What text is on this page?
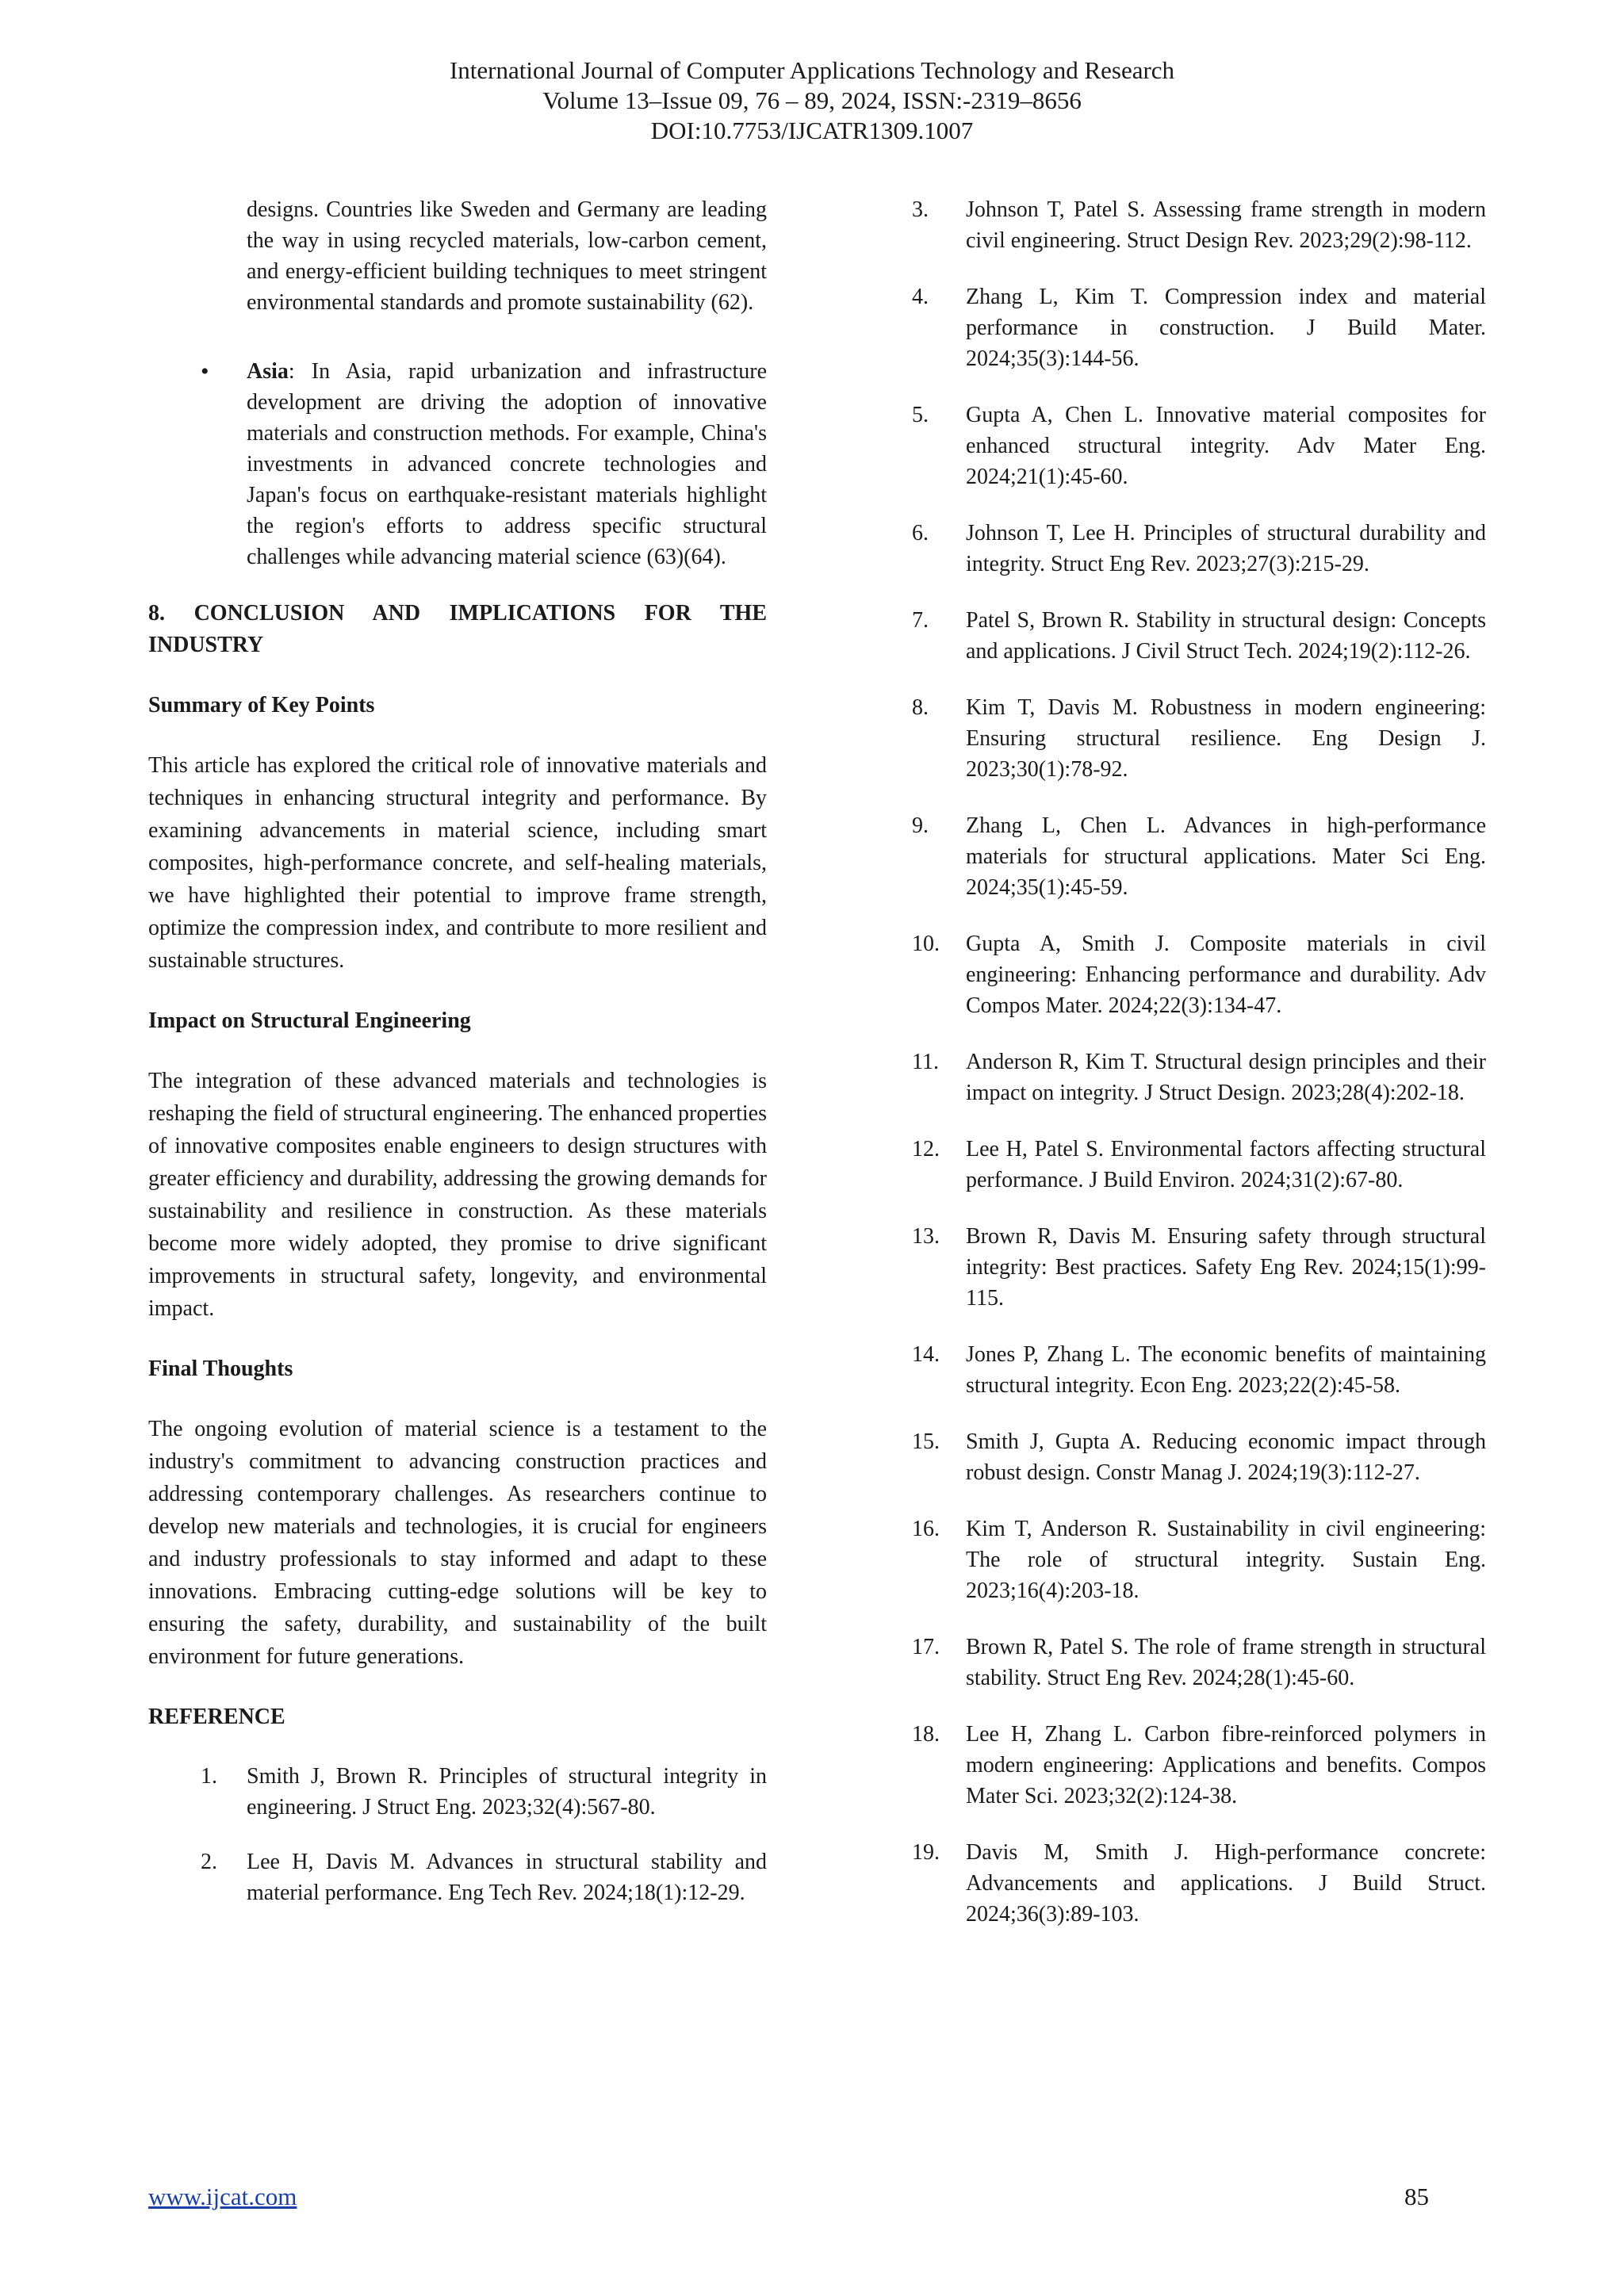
International Journal of Computer Applications Technology and Research
Volume 13–Issue 09, 76 – 89, 2024, ISSN:-2319–8656
DOI:10.7753/IJCATR1309.1007

designs. Countries like Sweden and Germany are leading the way in using recycled materials, low-carbon cement, and energy-efficient building techniques to meet stringent environmental standards and promote sustainability (62).

• Asia: In Asia, rapid urbanization and infrastructure development are driving the adoption of innovative materials and construction methods. For example, China's investments in advanced concrete technologies and Japan's focus on earthquake-resistant materials highlight the region's efforts to address specific structural challenges while advancing material science (63)(64).

8. CONCLUSION AND IMPLICATIONS FOR THE INDUSTRY
Summary of Key Points

This article has explored the critical role of innovative materials and techniques in enhancing structural integrity and performance. By examining advancements in material science, including smart composites, high-performance concrete, and self-healing materials, we have highlighted their potential to improve frame strength, optimize the compression index, and contribute to more resilient and sustainable structures.

Impact on Structural Engineering

The integration of these advanced materials and technologies is reshaping the field of structural engineering. The enhanced properties of innovative composites enable engineers to design structures with greater efficiency and durability, addressing the growing demands for sustainability and resilience in construction. As these materials become more widely adopted, they promise to drive significant improvements in structural safety, longevity, and environmental impact.

Final Thoughts

The ongoing evolution of material science is a testament to the industry's commitment to advancing construction practices and addressing contemporary challenges. As researchers continue to develop new materials and technologies, it is crucial for engineers and industry professionals to stay informed and adapt to these innovations. Embracing cutting-edge solutions will be key to ensuring the safety, durability, and sustainability of the built environment for future generations.

REFERENCE
1. Smith J, Brown R. Principles of structural integrity in engineering. J Struct Eng. 2023;32(4):567-80.

2. Lee H, Davis M. Advances in structural stability and material performance. Eng Tech Rev. 2024;18(1):12-29.

3. Johnson T, Patel S. Assessing frame strength in modern civil engineering. Struct Design Rev. 2023;29(2):98-112.

4. Zhang L, Kim T. Compression index and material performance in construction. J Build Mater. 2024;35(3):144-56.

5. Gupta A, Chen L. Innovative material composites for enhanced structural integrity. Adv Mater Eng. 2024;21(1):45-60.

6. Johnson T, Lee H. Principles of structural durability and integrity. Struct Eng Rev. 2023;27(3):215-29.

7. Patel S, Brown R. Stability in structural design: Concepts and applications. J Civil Struct Tech. 2024;19(2):112-26.

8. Kim T, Davis M. Robustness in modern engineering: Ensuring structural resilience. Eng Design J. 2023;30(1):78-92.

9. Zhang L, Chen L. Advances in high-performance materials for structural applications. Mater Sci Eng. 2024;35(1):45-59.

10. Gupta A, Smith J. Composite materials in civil engineering: Enhancing performance and durability. Adv Compos Mater. 2024;22(3):134-47.

11. Anderson R, Kim T. Structural design principles and their impact on integrity. J Struct Design. 2023;28(4):202-18.

12. Lee H, Patel S. Environmental factors affecting structural performance. J Build Environ. 2024;31(2):67-80.

13. Brown R, Davis M. Ensuring safety through structural integrity: Best practices. Safety Eng Rev. 2024;15(1):99-115.

14. Jones P, Zhang L. The economic benefits of maintaining structural integrity. Econ Eng. 2023;22(2):45-58.

15. Smith J, Gupta A. Reducing economic impact through robust design. Constr Manag J. 2024;19(3):112-27.

16. Kim T, Anderson R. Sustainability in civil engineering: The role of structural integrity. Sustain Eng. 2023;16(4):203-18.

17. Brown R, Patel S. The role of frame strength in structural stability. Struct Eng Rev. 2024;28(1):45-60.

18. Lee H, Zhang L. Carbon fibre-reinforced polymers in modern engineering: Applications and benefits. Compos Mater Sci. 2023;32(2):124-38.

19. Davis M, Smith J. High-performance concrete: Advancements and applications. J Build Struct. 2024;36(3):89-103.

www.ijcat.com	85
